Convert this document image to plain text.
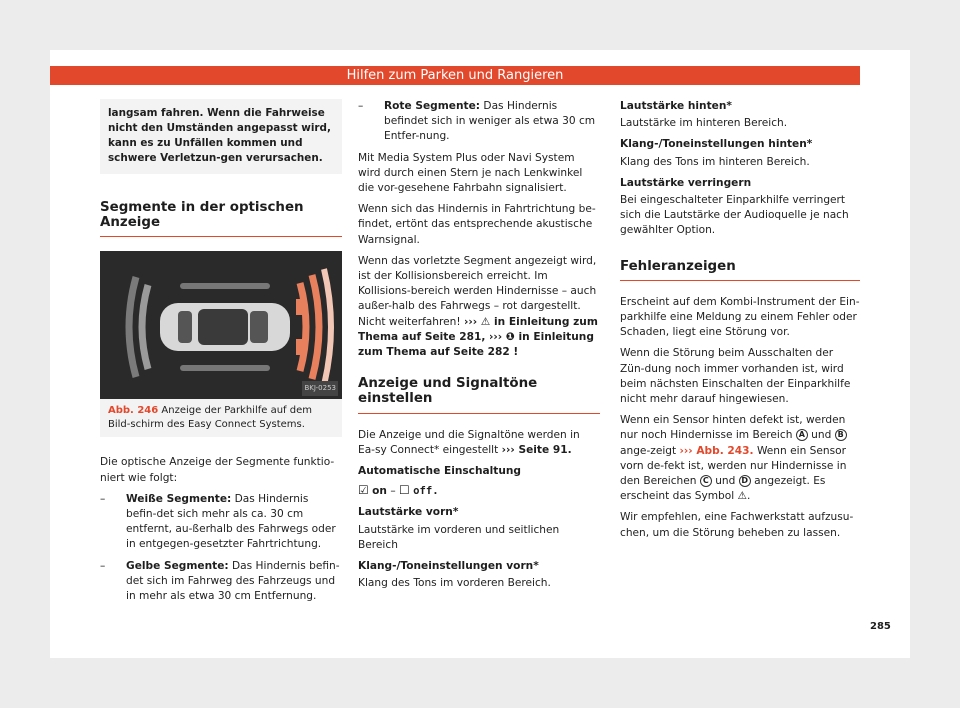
Hilfen zum Parken und Rangieren
langsam fahren. Wenn die Fahrweise nicht den Umständen angepasst wird, kann es zu Unfällen kommen und schwere Verletzun-gen verursachen.
Segmente in der optischen Anzeige
BKJ-0253
Abb. 246 Anzeige der Parkhilfe auf dem Bild-schirm des Easy Connect Systems.

Die optische Anzeige der Segmente funktio-niert wie folgt:

– Weiße Segmente: Das Hindernis befin-det sich mehr als ca. 30 cm entfernt, au-ßerhalb des Fahrwegs oder in entgegen-gesetzter Fahrtrichtung.
– Gelbe Segmente: Das Hindernis befin-det sich im Fahrweg des Fahrzeugs und in mehr als etwa 30 cm Entfernung.
– Rote Segmente: Das Hindernis befindet sich in weniger als etwa 30 cm Entfer-nung.

Mit Media System Plus oder Navi System wird durch einen Stern je nach Lenkwinkel die vor-gesehene Fahrbahn signalisiert.

Wenn sich das Hindernis in Fahrtrichtung be-findet, ertönt das entsprechende akustische Warnsignal.

Wenn das vorletzte Segment angezeigt wird, ist der Kollisionsbereich erreicht. Im Kollisions-bereich werden Hindernisse – auch außer-halb des Fahrwegs – rot dargestellt. Nicht weiterfahren! ››› ⚠ in Einleitung zum Thema auf Seite 281, ››› ❶ in Einleitung zum Thema auf Seite 282 !

Anzeige und Signaltöne einstellen

Die Anzeige und die Signaltöne werden in Ea-sy Connect* eingestellt ››› Seite 91.

Automatische Einschaltung

☑ on – ☐ off.

Lautstärke vorn*

Lautstärke im vorderen und seitlichen Bereich

Klang-/Toneinstellungen vorn*

Klang des Tons im vorderen Bereich.

Lautstärke hinten*

Lautstärke im hinteren Bereich.

Klang-/Toneinstellungen hinten*

Klang des Tons im hinteren Bereich.

Lautstärke verringern

Bei eingeschalteter Einparkhilfe verringert sich die Lautstärke der Audioquelle je nach gewählter Option.

Fehleranzeigen

Erscheint auf dem Kombi-Instrument der Ein-parkhilfe eine Meldung zu einem Fehler oder Schaden, liegt eine Störung vor.

Wenn die Störung beim Ausschalten der Zün-dung noch immer vorhanden ist, wird beim nächsten Einschalten der Einparkhilfe nicht mehr darauf hingewiesen.

Wenn ein Sensor hinten defekt ist, werden nur noch Hindernisse im Bereich A und B ange-zeigt ››› Abb. 243. Wenn ein Sensor vorn de-fekt ist, werden nur Hindernisse in den Bereichen C und D angezeigt. Es erscheint das Symbol ⚠.

Wir empfehlen, eine Fachwerkstatt aufzusu-chen, um die Störung beheben zu lassen.

285
